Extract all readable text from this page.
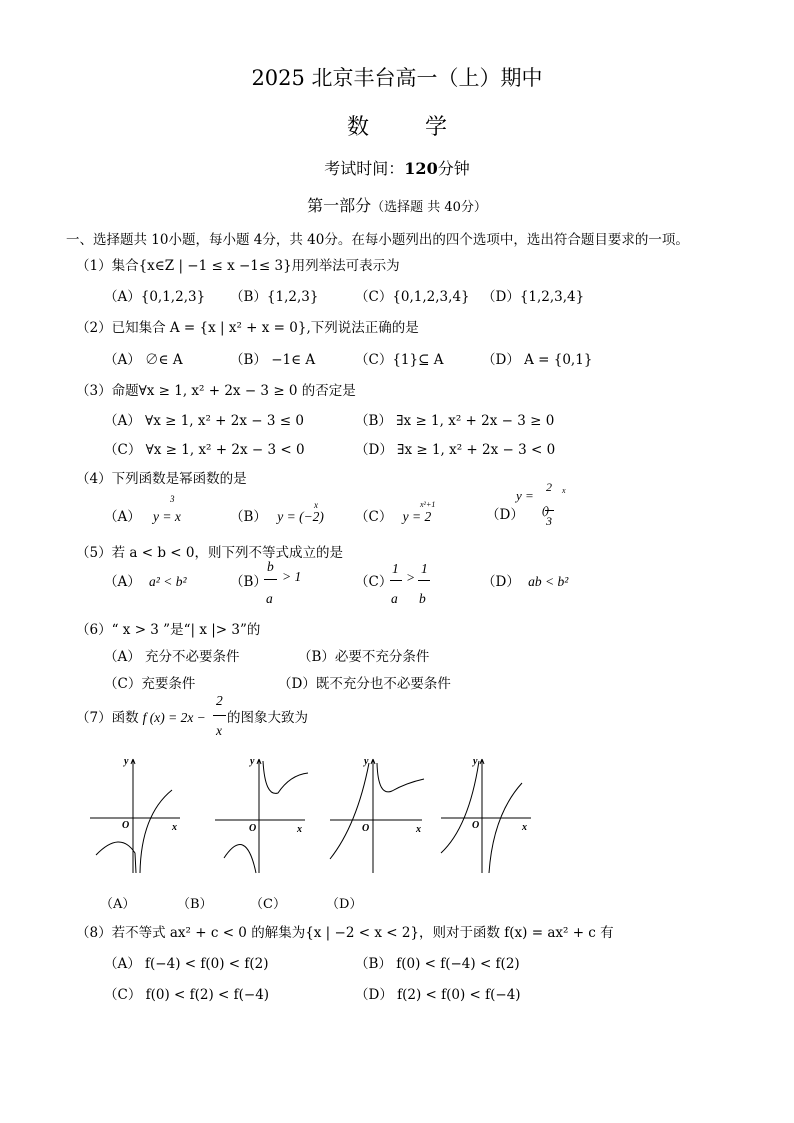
2025 北京丰台高一（上）期中
数	学
考试时间：120分钟
第一部分（选择题 共 40分）
一、选择题共 10小题，每小题 4分，共 40分。在每小题列出的四个选项中，选出符合题目要求的一项。
（1）集合{x∈Z | −1 ≤ x −1≤ 3}用列举法可表示为
（A）{0,1,2,3} （B）{1,2,3}	（C）{0,1,2,3,4} （D）{1,2,3,4}
（2）已知集合 A = {x | x² + x = 0},下列说法正确的是
（A） ∅∈ A	（B） −1∈ A	（C）{1}⊆ A	（D） A = {0,1}
（3）命题∀x ≥ 1, x² + 2x − 3 ≥ 0 的否定是
（A） ∀x ≥ 1, x² + 2x − 3 ≤ 0	（B） ∃x ≥ 1, x² + 2x − 3 ≥ 0
（C） ∀x ≥ 1, x² + 2x − 3 < 0	（D） ∃x ≥ 1, x² + 2x − 3 < 0
（4）下列函数是幂函数的是
（A） y = x
3
（B） y = (−2)
x
（C） y = 2
x²+1
（D）
y =
2 x
( )
3
（5）若 a < b < 0，则下列不等式成立的是
（A） a² < b²	（B）
b
a
> 1	（C）
1
a
>
1
b
（D） ab < b²
（6）“ x > 3 ”是“| x |> 3”的
（A） 充分不必要条件	（B）必要不充分条件
（C）充要条件	（D）既不充分也不必要条件
（7）函数 f (x) = 2x −
2
x
的图象大致为
y
x
O
y
x
O
y
x
O
y
x
O
（A）	（B）	（C）	（D）
（8）若不等式 ax² + c < 0 的解集为{x | −2 < x < 2}，则对于函数 f(x) = ax² + c 有
（A） f(−4) < f(0) < f(2)	（B） f(0) < f(−4) < f(2)
（C） f(0) < f(2) < f(−4)	（D） f(2) < f(0) < f(−4)
